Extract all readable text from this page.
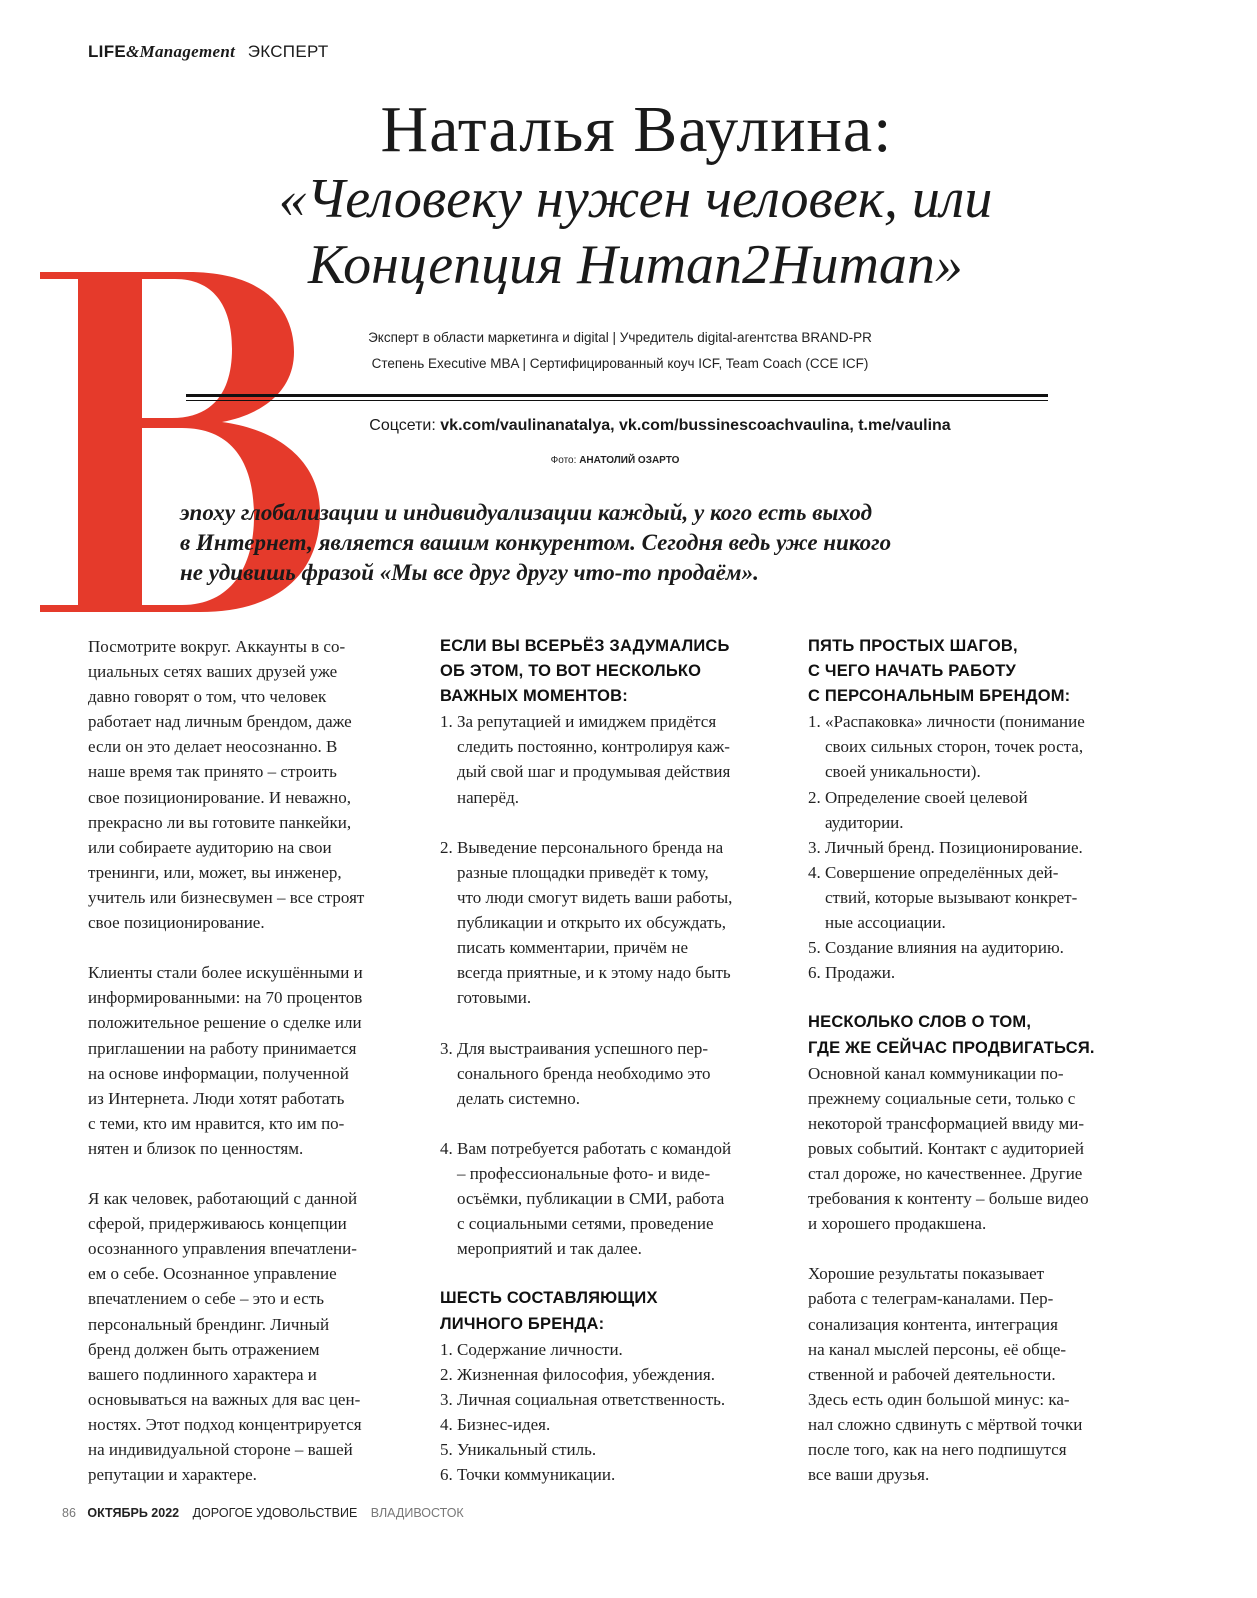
LIFE&Management ЭКСПЕРТ
Наталья Ваулина:
«Человеку нужен человек, или
Концепция Human2Human»
Эксперт в области маркетинга и digital | Учредитель digital-агентства BRAND-PR
Степень Executive MBA | Сертифицированный коуч ICF, Team Coach (CCE ICF)
Соцсети: vk.com/vaulinanatalya, vk.com/bussinescoachvaulina, t.me/vaulina
Фото: АНАТОЛИЙ ОЗАРТО
эпоху глобализации и индивидуализации каждый, у кого есть выход
в Интернет, является вашим конкурентом. Сегодня ведь уже никого
не удивишь фразой «Мы все друг другу что-то продаём».
Посмотрите вокруг. Аккаунты в со-
циальных сетях ваших друзей уже
давно говорят о том, что человек
работает над личным брендом, даже
если он это делает неосознанно. В
наше время так принято – строить
свое позиционирование. И неважно,
прекрасно ли вы готовите панкейки,
или собираете аудиторию на свои
тренинги, или, может, вы инженер,
учитель или бизнесвумен – все строят
свое позиционирование.
Клиенты стали более искушёнными и
информированными: на 70 процентов
положительное решение о сделке или
приглашении на работу принимается
на основе информации, полученной
из Интернета. Люди хотят работать
с теми, кто им нравится, кто им по-
нятен и близок по ценностям.
Я как человек, работающий с данной
сферой, придерживаюсь концепции
осознанного управления впечатлени-
ем о себе. Осознанное управление
впечатлением о себе – это и есть
персональный брендинг. Личный
бренд должен быть отражением
вашего подлинного характера и
основываться на важных для вас цен-
ностях. Этот подход концентрируется
на индивидуальной стороне – вашей
репутации и характере.
ЕСЛИ ВЫ ВСЕРЬЁЗ ЗАДУМАЛИСЬ
ОБ ЭТОМ, ТО ВОТ НЕСКОЛЬКО
ВАЖНЫХ МОМЕНТОВ:
1. За репутацией и имиджем придётся
следить постоянно, контролируя каж-
дый свой шаг и продумывая действия
наперёд.
2. Выведение персонального бренда на
разные площадки приведёт к тому,
что люди смогут видеть ваши работы,
публикации и открыто их обсуждать,
писать комментарии, причём не
всегда приятные, и к этому надо быть
готовыми.
3. Для выстраивания успешного пер-
сонального бренда необходимо это
делать системно.
4. Вам потребуется работать с командой
– профессиональные фото- и виде-
осъёмки, публикации в СМИ, работа
с социальными сетями, проведение
мероприятий и так далее.
ШЕСТЬ СОСТАВЛЯЮЩИХ
ЛИЧНОГО БРЕНДА:
1. Содержание личности.
2. Жизненная философия, убеждения.
3. Личная социальная ответственность.
4. Бизнес-идея.
5. Уникальный стиль.
6. Точки коммуникации.
ПЯТЬ ПРОСТЫХ ШАГОВ,
С ЧЕГО НАЧАТЬ РАБОТУ
С ПЕРСОНАЛЬНЫМ БРЕНДОМ:
1. «Распаковка» личности (понимание
своих сильных сторон, точек роста,
своей уникальности).
2. Определение своей целевой
аудитории.
3. Личный бренд. Позиционирование.
4. Совершение определённых дей-
ствий, которые вызывают конкрет-
ные ассоциации.
5. Создание влияния на аудиторию.
6. Продажи.
НЕСКОЛЬКО СЛОВ О ТОМ,
ГДЕ ЖЕ СЕЙЧАС ПРОДВИГАТЬСЯ.
Основной канал коммуникации по-
прежнему социальные сети, только с
некоторой трансформацией ввиду ми-
ровых событий. Контакт с аудиторией
стал дороже, но качественнее. Другие
требования к контенту – больше видео
и хорошего продакшена.
Хорошие результаты показывает
работа с телеграм-каналами. Пер-
сонализация контента, интеграция
на канал мыслей персоны, её обще-
ственной и рабочей деятельности.
Здесь есть один большой минус: ка-
нал сложно сдвинуть с мёртвой точки
после того, как на него подпишутся
все ваши друзья.
86 ОКТЯБРЬ 2022 ДОРОГОЕ УДОВОЛЬСТВИЕ ВЛАДИВОСТОК
